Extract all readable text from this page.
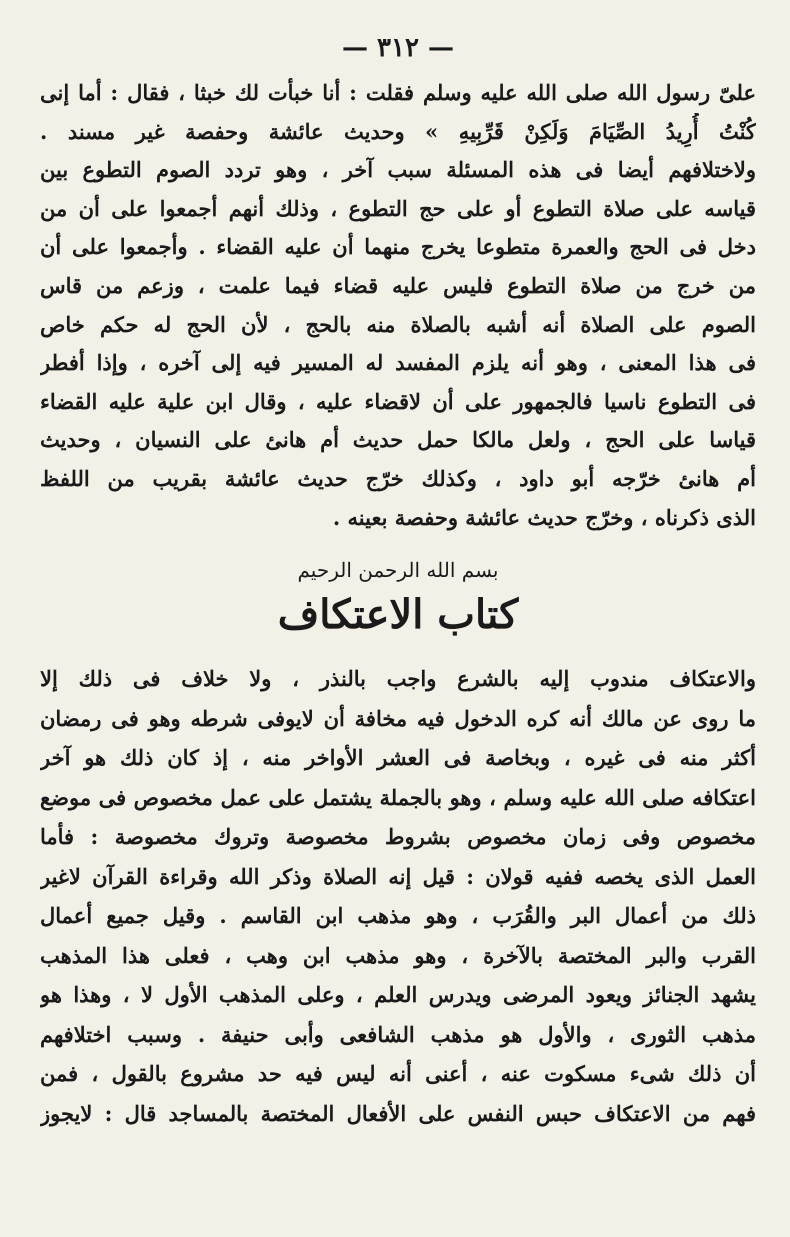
— ٣١٢ —
علىّ رسول الله صلى الله عليه وسلم فقلت : أنا خبأت لك خبثا ، فقال : أما إنى
كُنْتُ أُرِيدُ الصِّيَامَ وَلَكِنْ قَرِّبِيهِ » وحديث عائشة وحفصة غير مسند .
ولاختلافهم أيضا فى هذه المسئلة سبب آخر ، وهو تردد الصوم التطوع بين
قياسه على صلاة التطوع أو على حج التطوع ، وذلك أنهم أجمعوا على أن من
دخل فى الحج والعمرة متطوعا يخرج منهما أن عليه القضاء . وأجمعوا على أن
من خرج من صلاة التطوع فليس عليه قضاء فيما علمت ، وزعم من قاس
الصوم على الصلاة أنه أشبه بالصلاة منه بالحج ، لأن الحج له حكم خاص
فى هذا المعنى ، وهو أنه يلزم المفسد له المسير فيه إلى آخره ، وإذا أفطر
فى التطوع ناسيا فالجمهور على أن لاقضاء عليه ، وقال ابن علية عليه القضاء
قياسا على الحج ، ولعل مالكا حمل حديث أم هانئ على النسيان ، وحديث
أم هانئ خرّجه أبو داود ، وكذلك خرّج حديث عائشة بقريب من اللفظ
الذى ذكرناه ، وخرّج حديث عائشة وحفصة بعينه .
بسم الله الرحمن الرحيم
كتاب الاعتكاف
والاعتكاف مندوب إليه بالشرع واجب بالنذر ، ولا خلاف فى ذلك إلا
ما روى عن مالك أنه كره الدخول فيه مخافة أن لايوفى شرطه وهو فى رمضان
أكثر منه فى غيره ، وبخاصة فى العشر الأواخر منه ، إذ كان ذلك هو آخر
اعتكافه صلى الله عليه وسلم ، وهو بالجملة يشتمل على عمل مخصوص فى موضع
مخصوص وفى زمان مخصوص بشروط مخصوصة وتروك مخصوصة : فأما
العمل الذى يخصه ففيه قولان : قيل إنه الصلاة وذكر الله وقراءة القرآن لاغير
ذلك من أعمال البر والقُرَب ، وهو مذهب ابن القاسم . وقيل جميع أعمال
القرب والبر المختصة بالآخرة ، وهو مذهب ابن وهب ، فعلى هذا المذهب
يشهد الجنائز ويعود المرضى ويدرس العلم ، وعلى المذهب الأول لا ، وهذا هو
مذهب الثورى ، والأول هو مذهب الشافعى وأبى حنيفة . وسبب اختلافهم
أن ذلك شىء مسكوت عنه ، أعنى أنه ليس فيه حد مشروع بالقول ، فمن
فهم من الاعتكاف حبس النفس على الأفعال المختصة بالمساجد قال : لايجوز
